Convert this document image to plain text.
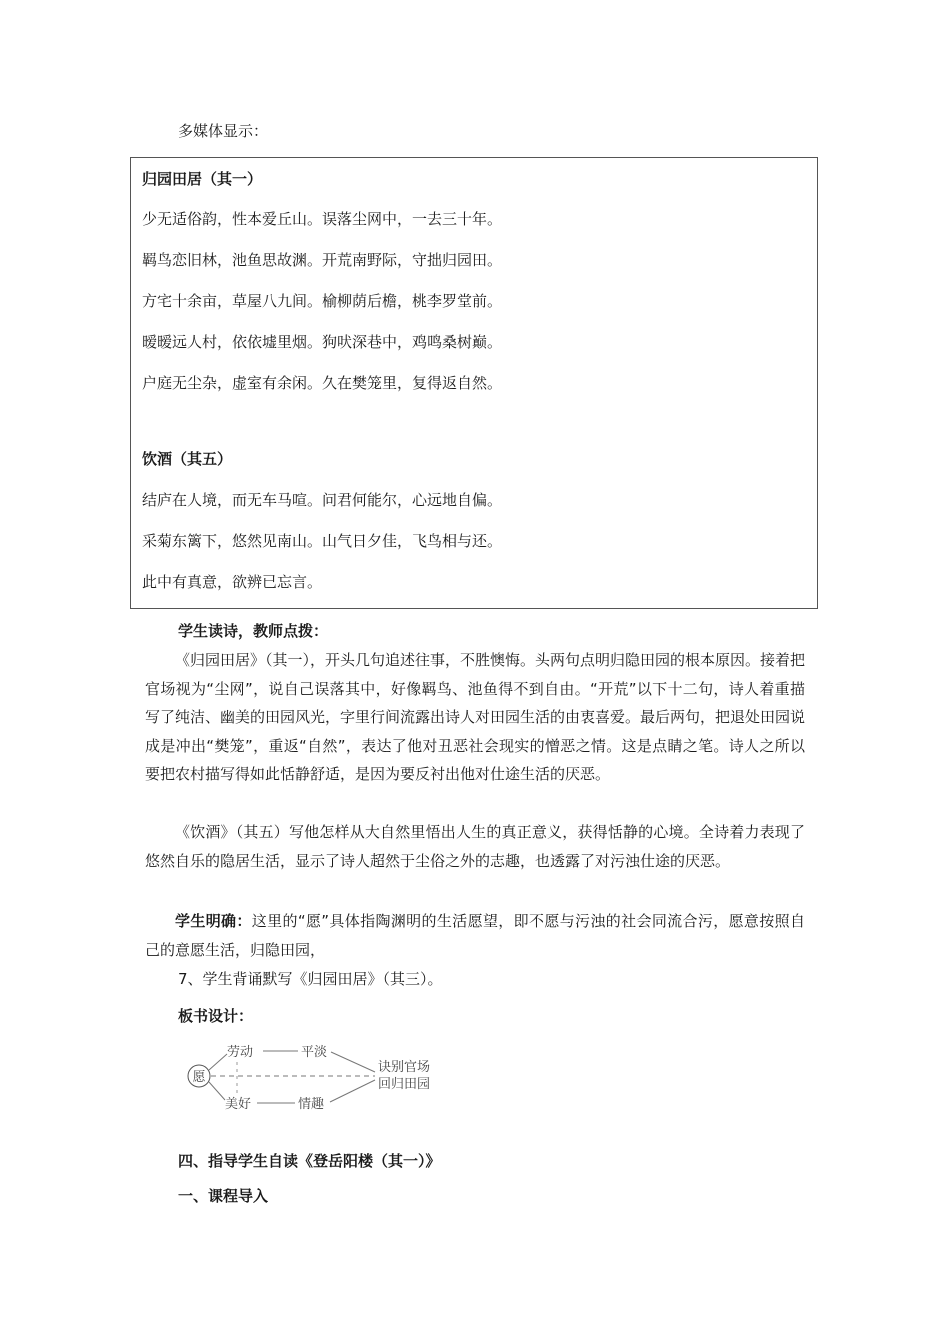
多媒体显示：
归园田居（其一）
少无适俗韵，性本爱丘山。误落尘网中，一去三十年。
羁鸟恋旧林，池鱼思故渊。开荒南野际，守拙归园田。
方宅十余亩，草屋八九间。榆柳荫后檐，桃李罗堂前。
暧暧远人村，依依墟里烟。狗吠深巷中，鸡鸣桑树巅。
户庭无尘杂，虚室有余闲。久在樊笼里，复得返自然。
饮酒（其五）
结庐在人境，而无车马喧。问君何能尔，心远地自偏。
采菊东篱下，悠然见南山。山气日夕佳，飞鸟相与还。
此中有真意，欲辨已忘言。
学生读诗，教师点拨：
《归园田居》（其一），开头几句追述往事，不胜懊悔。头两句点明归隐田园的根本原因。接着把官场视为“尘网”，说自己误落其中，好像羁鸟、池鱼得不到自由。“开荒”以下十二句，诗人着重描写了纯洁、幽美的田园风光，字里行间流露出诗人对田园生活的由衷喜爱。最后两句，把退处田园说成是冲出“樊笼”，重返“自然”，表达了他对丑恶社会现实的憎恶之情。这是点睛之笔。诗人之所以要把农村描写得如此恬静舒适，是因为要反衬出他对仕途生活的厌恶。
《饮酒》（其五）写他怎样从大自然里悟出人生的真正意义，获得恬静的心境。全诗着力表现了悠然自乐的隐居生活，显示了诗人超然于尘俗之外的志趣，也透露了对污浊仕途的厌恶。
学生明确：这里的“愿”具体指陶渊明的生活愿望，即不愿与污浊的社会同流合污，愿意按照自己的意愿生活，归隐田园，
7、学生背诵默写《归园田居》（其三）。
板书设计：
愿
劳动	平淡
美好	情趣
诀别官场
回归田园
四、指导学生自读《登岳阳楼（其一）》
一、课程导入
